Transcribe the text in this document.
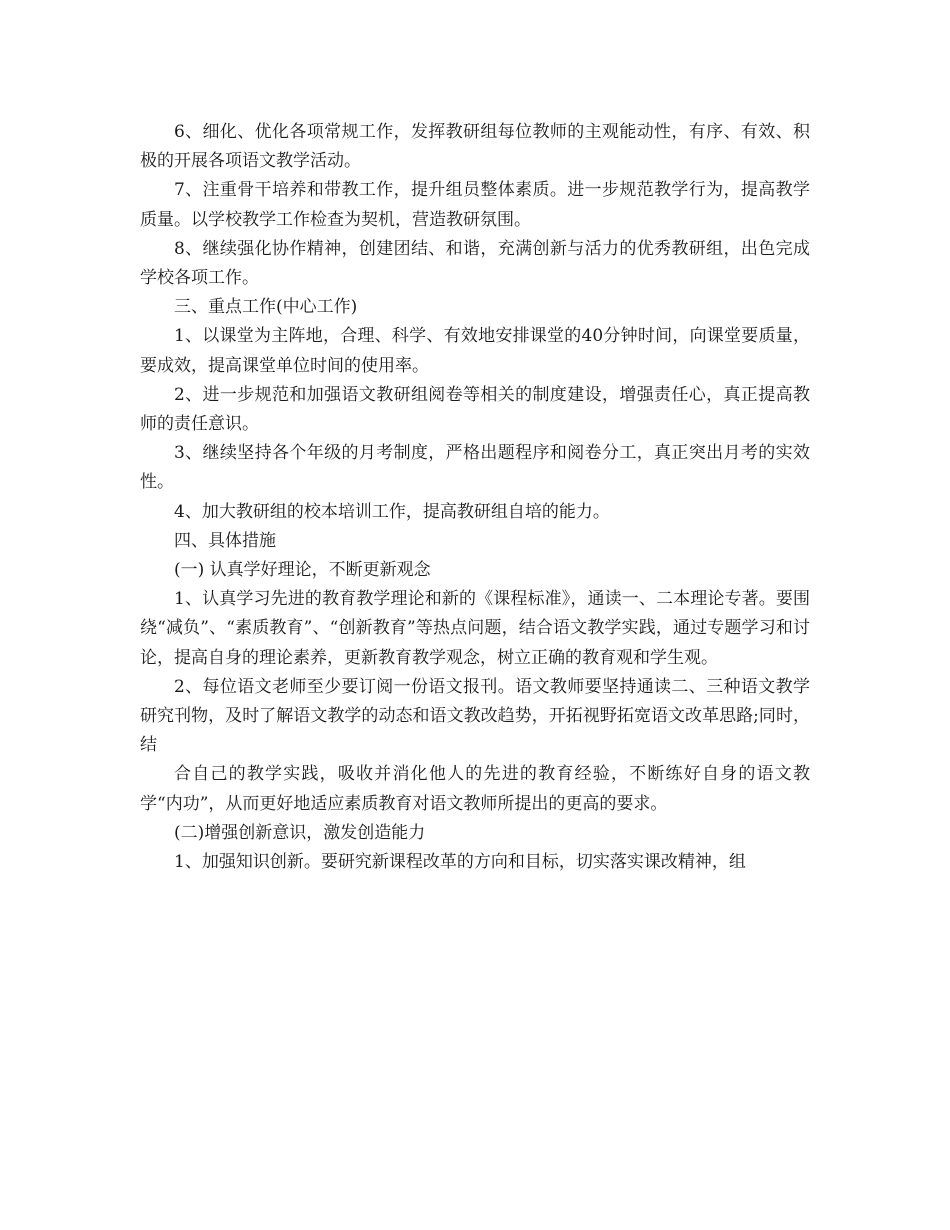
6、细化、优化各项常规工作，发挥教研组每位教师的主观能动性，有序、有效、积极的开展各项语文教学活动。

7、注重骨干培养和带教工作，提升组员整体素质。进一步规范教学行为，提高教学质量。以学校教学工作检查为契机，营造教研氛围。

8、继续强化协作精神，创建团结、和谐，充满创新与活力的优秀教研组，出色完成学校各项工作。

三、重点工作(中心工作)

1、以课堂为主阵地，合理、科学、有效地安排课堂的40分钟时间，向课堂要质量，要成效，提高课堂单位时间的使用率。

2、进一步规范和加强语文教研组阅卷等相关的制度建设，增强责任心，真正提高教师的责任意识。

3、继续坚持各个年级的月考制度，严格出题程序和阅卷分工，真正突出月考的实效性。

4、加大教研组的校本培训工作，提高教研组自培的能力。

四、具体措施

(一) 认真学好理论，不断更新观念

1、认真学习先进的教育教学理论和新的《课程标准》，通读一、二本理论专著。要围绕“减负”、“素质教育”、“创新教育”等热点问题，结合语文教学实践，通过专题学习和讨论，提高自身的理论素养，更新教育教学观念，树立正确的教育观和学生观。

2、每位语文老师至少要订阅一份语文报刊。语文教师要坚持通读二、三种语文教学研究刊物，及时了解语文教学的动态和语文教改趋势，开拓视野拓宽语文改革思路;同时，结

合自己的教学实践，吸收并消化他人的先进的教育经验，不断练好自身的语文教学“内功”，从而更好地适应素质教育对语文教师所提出的更高的要求。

(二)增强创新意识，激发创造能力

1、加强知识创新。要研究新课程改革的方向和目标，切实落实课改精神，组
